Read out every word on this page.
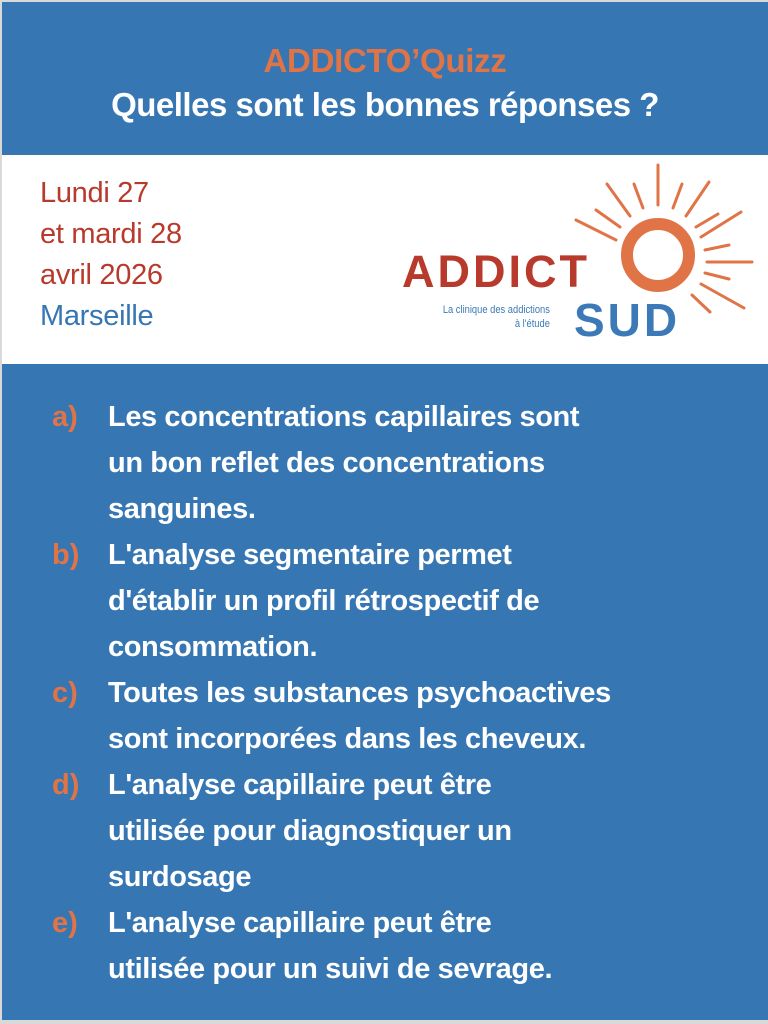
ADDICTO’Quizz
Quelles sont les bonnes réponses ?
Lundi 27
et mardi 28
avril 2026
Marseille
ADDICT
SUD
La clinique des addictions
à l'étude
a) Les concentrations capillaires sont
un bon reflet des concentrations
sanguines.
b) L'analyse segmentaire permet
d'établir un profil rétrospectif de
consommation.
c) Toutes les substances psychoactives
sont incorporées dans les cheveux.
d) L'analyse capillaire peut être
utilisée pour diagnostiquer un
surdosage
e) L'analyse capillaire peut être
utilisée pour un suivi de sevrage.
